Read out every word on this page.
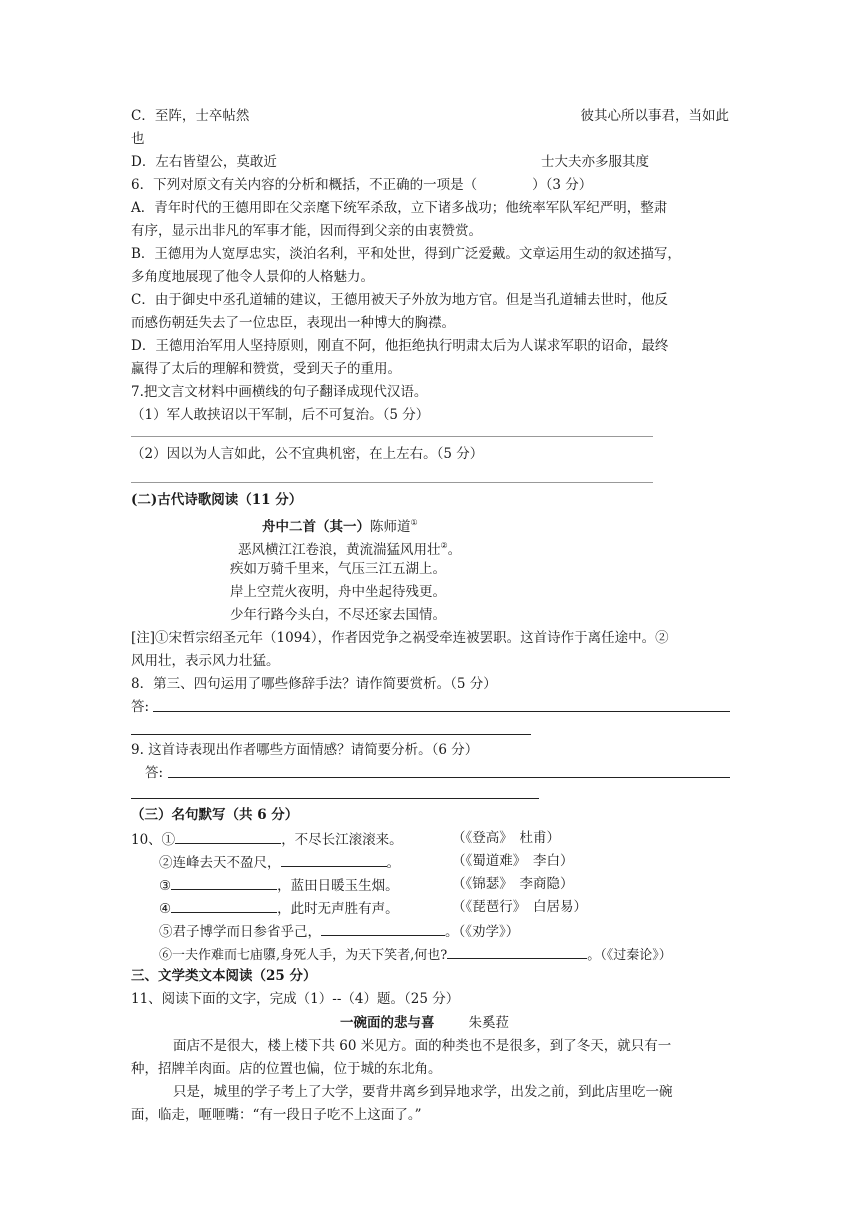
C．至阵，士卒帖然	彼其心所以事君，当如此
也
D．左右皆望公，莫敢近	士大夫亦多服其度
6．下列对原文有关内容的分析和概括，不正确的一项是（	）（3 分）
A．青年时代的王德用即在父亲麾下统军杀敌，立下诸多战功；他统率军队军纪严明，整肃
有序，显示出非凡的军事才能，因而得到父亲的由衷赞赏。
B．王德用为人宽厚忠实，淡泊名利，平和处世，得到广泛爱戴。文章运用生动的叙述描写，
多角度地展现了他令人景仰的人格魅力。
C．由于御史中丞孔道辅的建议，王德用被天子外放为地方官。但是当孔道辅去世时，他反
而感伤朝廷失去了一位忠臣，表现出一种博大的胸襟。
D．王德用治军用人坚持原则，刚直不阿，他拒绝执行明肃太后为人谋求军职的诏命，最终
赢得了太后的理解和赞赏，受到天子的重用。
7.把文言文材料中画横线的句子翻译成现代汉语。
（1）军人敢挟诏以干军制，后不可复治。（5 分）
（2）因以为人言如此，公不宜典机密，在上左右。（5 分）
(二)古代诗歌阅读（11 分）
舟中二首（其一）陈师道①
恶风横江江卷浪，黄流湍猛风用壮②。
疾如万骑千里来，气压三江五湖上。
岸上空荒火夜明，舟中坐起待残更。
少年行路今头白，不尽还家去国情。
[注]①宋哲宗绍圣元年（1094），作者因党争之祸受牵连被罢职。这首诗作于离任途中。②
风用壮，表示风力壮猛。
8．第三、四句运用了哪些修辞手法？请作简要赏析。（5 分）
答:
9. 这首诗表现出作者哪些方面情感？请简要分析。（6 分）
答:
（三）名句默写（共 6 分）
10、①	，不尽长江滚滚来。	（《登高》　杜甫）
②连峰去天不盈尺，	。	（《蜀道难》　李白）
③	，蓝田日暖玉生烟。	（《锦瑟》　李商隐）
④	，此时无声胜有声。	（《琵琶行》　白居易）
⑤君子博学而日参省乎己，	。（《劝学》）
⑥一夫作难而七庙隳,身死人手，为天下笑者,何也?	。（《过秦论》）
三、文学类文本阅读（25 分）
11、阅读下面的文字，完成（1）--（4）题。（25 分）
一碗面的悲与喜	朱奚菈
面店不是很大，楼上楼下共 60 米见方。面的种类也不是很多，到了冬天，就只有一
种，招牌羊肉面。店的位置也偏，位于城的东北角。
只是，城里的学子考上了大学，要背井离乡到异地求学，出发之前，到此店里吃一碗
面，临走，咂咂嘴：“有一段日子吃不上这面了。”
